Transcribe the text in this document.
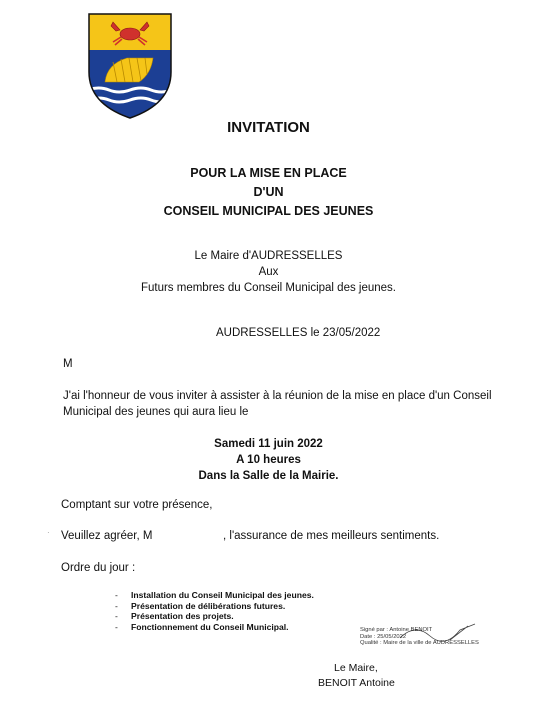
INVITATION
POUR LA MISE EN PLACE
D'UN
CONSEIL MUNICIPAL DES JEUNES
Le Maire d'AUDRESSELLES
Aux
Futurs membres du Conseil Municipal des jeunes.
AUDRESSELLES le 23/05/2022
M
J'ai l'honneur de vous inviter à assister à la réunion de la mise en place d'un Conseil
Municipal des jeunes qui aura lieu le
Samedi 11 juin 2022
A 10 heures
Dans la Salle de la Mairie.
Comptant sur votre présence,
· Veuillez agréer, M	, l'assurance de mes meilleurs sentiments.
Ordre du jour :
- Installation du Conseil Municipal des jeunes.
- Présentation de délibérations futures.
- Présentation des projets.
- Fonctionnement du Conseil Municipal.	Signé par : Antoine BENOIT
Date : 25/05/2022
Qualité : Maire de la ville de AUDRESSELLES
Le Maire,
BENOIT Antoine
